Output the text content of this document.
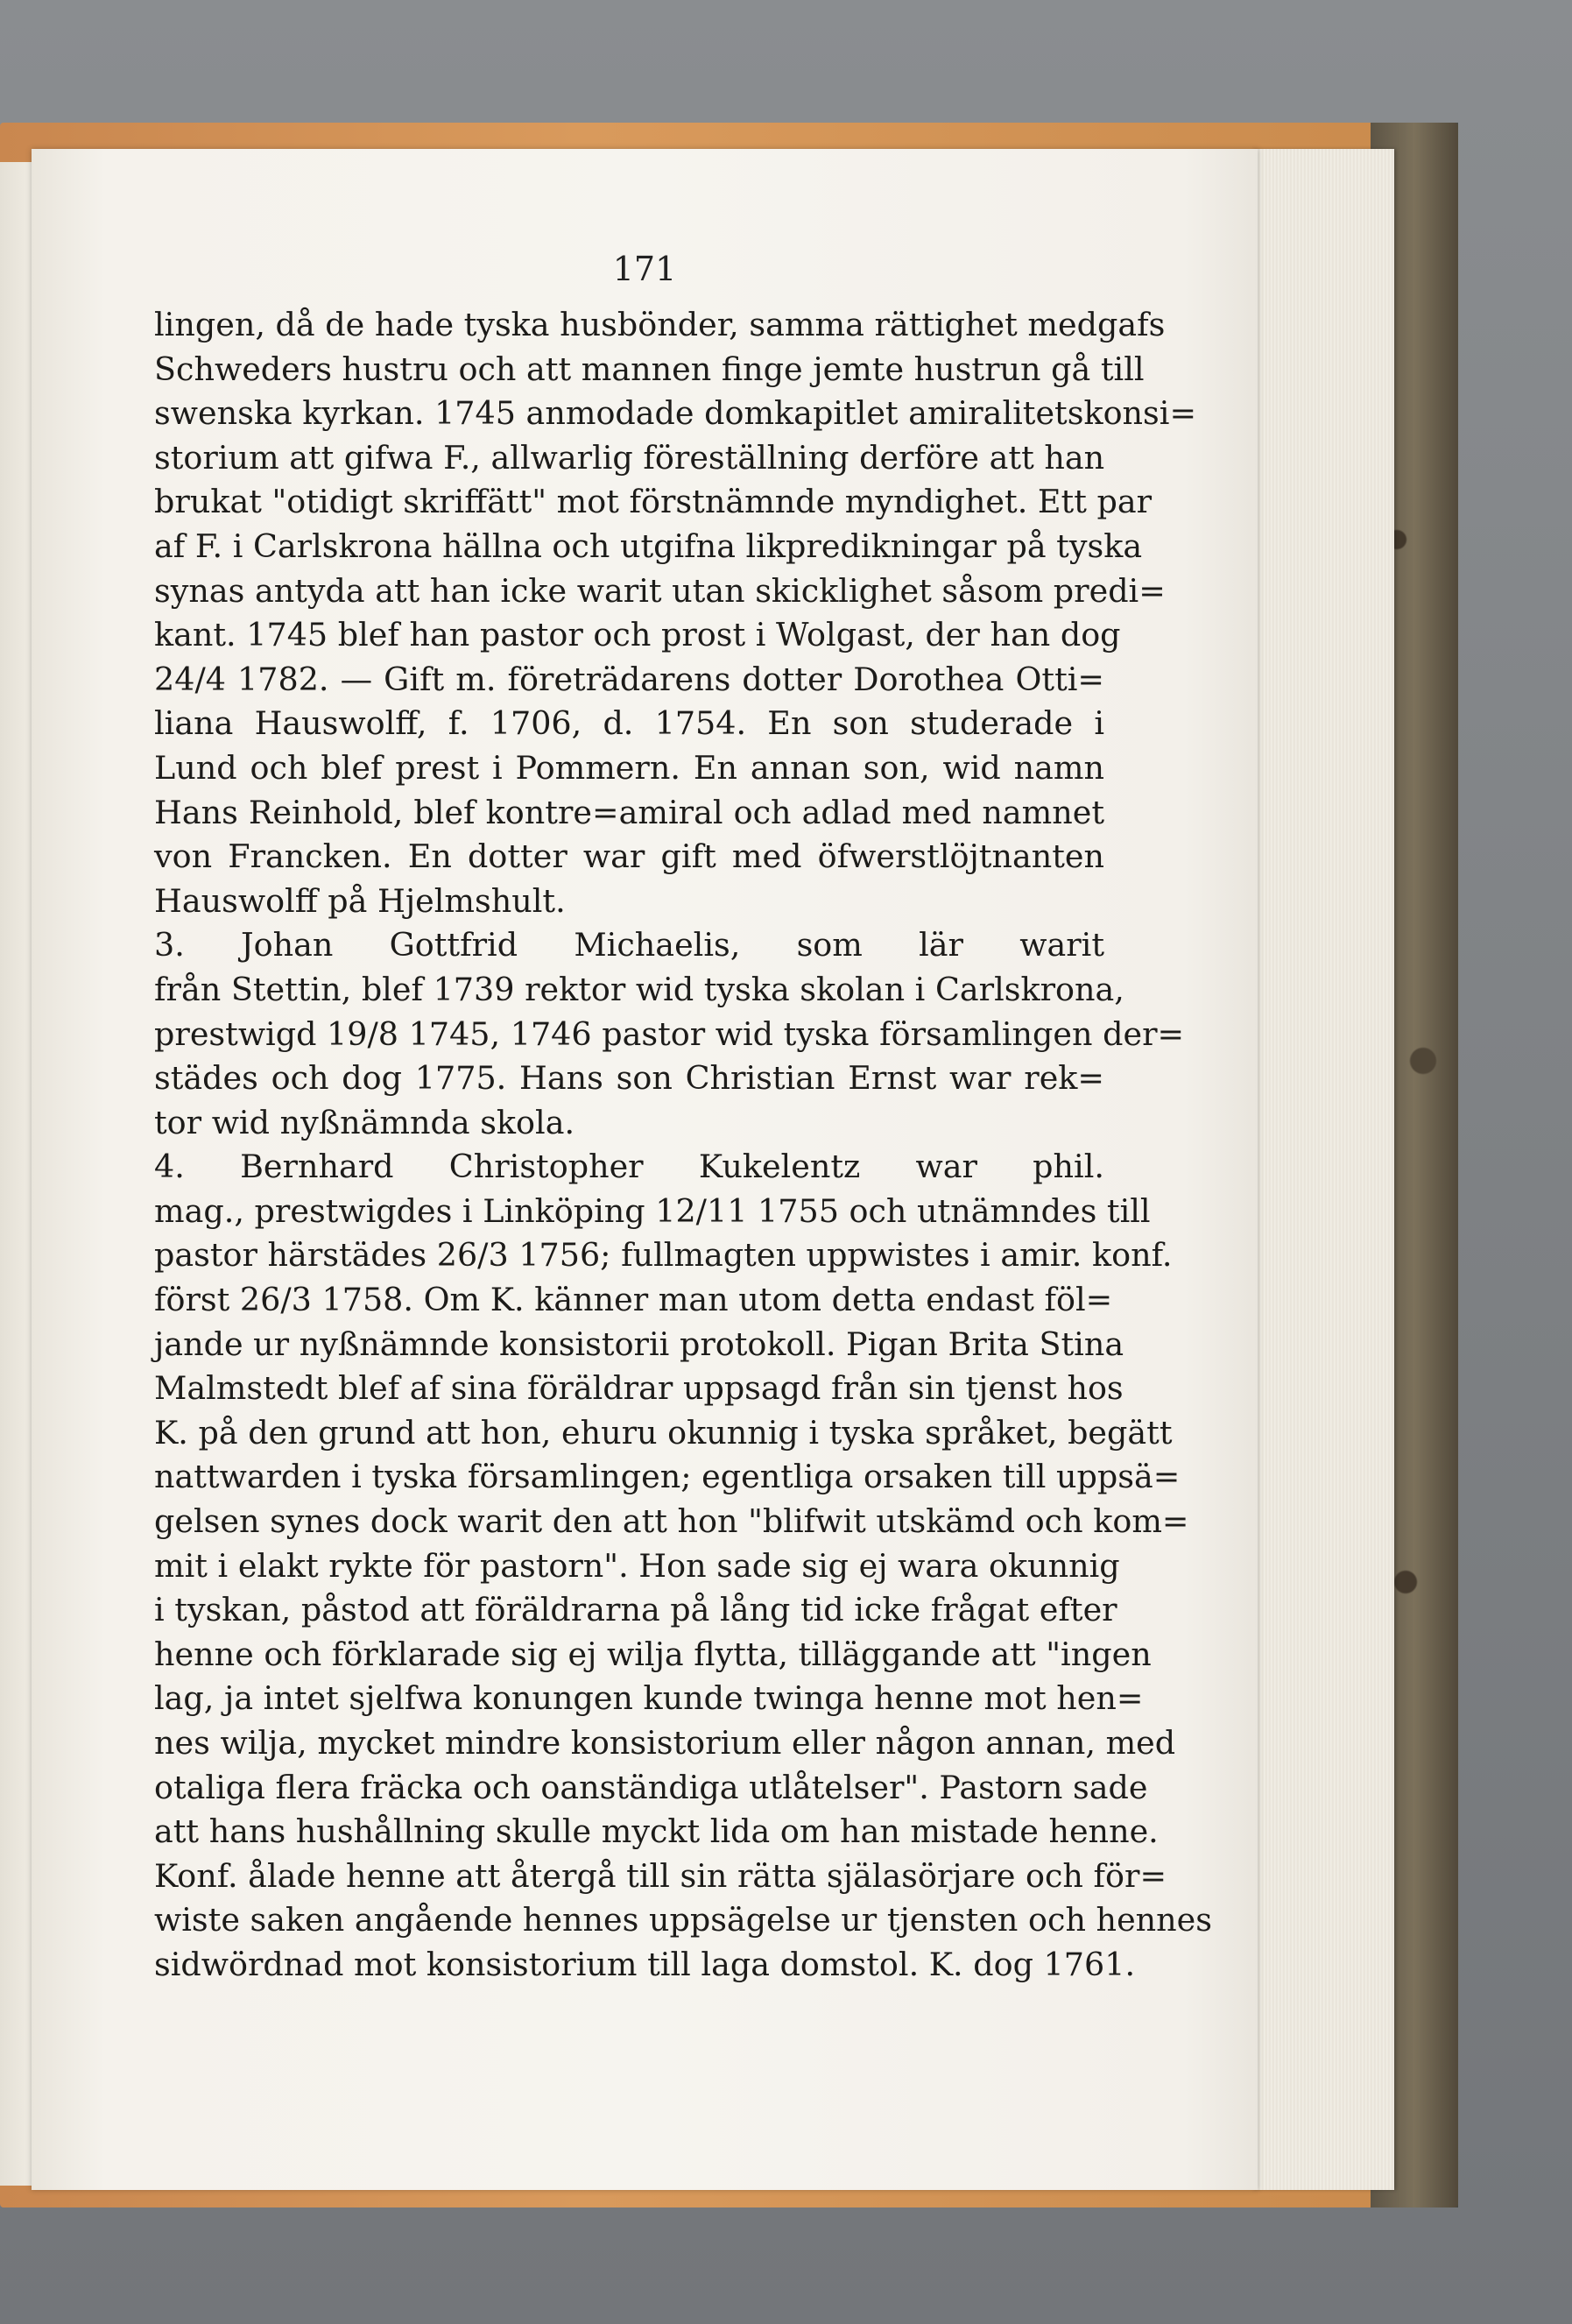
171
lingen, då de hade tyska husbönder, samma rättighet medgafs
Schweders hustru och att mannen finge jemte hustrun gå till
swenska kyrkan. 1745 anmodade domkapitlet amiralitetskonsi=
storium att gifwa F., allwarlig föreställning derföre att han
brukat "otidigt skriffätt" mot förstnämnde myndighet. Ett par
af F. i Carlskrona hällna och utgifna likpredikningar på tyska
synas antyda att han icke warit utan skicklighet såsom predi=
kant. 1745 blef han pastor och prost i Wolgast, der han dog
24/4 1782. — Gift m. företrädarens dotter Dorothea Otti=
liana Hauswolff, f. 1706, d. 1754. En son studerade i
Lund och blef prest i Pommern. En annan son, wid namn
Hans Reinhold, blef kontre=amiral och adlad med namnet
von Francken. En dotter war gift med öfwerstlöjtnanten
Hauswolff på Hjelmshult.
3. Johan Gottfrid Michaelis, som lär warit
från Stettin, blef 1739 rektor wid tyska skolan i Carlskrona,
prestwigd 19/8 1745, 1746 pastor wid tyska församlingen der=
städes och dog 1775. Hans son Christian Ernst war rek=
tor wid nyßnämnda skola.
4. Bernhard Christopher Kukelentz war phil.
mag., prestwigdes i Linköping 12/11 1755 och utnämndes till
pastor härstädes 26/3 1756; fullmagten uppwistes i amir. konf.
först 26/3 1758. Om K. känner man utom detta endast föl=
jande ur nyßnämnde konsistorii protokoll. Pigan Brita Stina
Malmstedt blef af sina föräldrar uppsagd från sin tjenst hos
K. på den grund att hon, ehuru okunnig i tyska språket, begätt
nattwarden i tyska församlingen; egentliga orsaken till uppsä=
gelsen synes dock warit den att hon "blifwit utskämd och kom=
mit i elakt rykte för pastorn". Hon sade sig ej wara okunnig
i tyskan, påstod att föräldrarna på lång tid icke frågat efter
henne och förklarade sig ej wilja flytta, tilläggande att "ingen
lag, ja intet sjelfwa konungen kunde twinga henne mot hen=
nes wilja, mycket mindre konsistorium eller någon annan, med
otaliga flera fräcka och oanständiga utlåtelser". Pastorn sade
att hans hushållning skulle myckt lida om han mistade henne.
Konf. ålade henne att återgå till sin rätta själasörjare och för=
wiste saken angående hennes uppsägelse ur tjensten och hennes
sidwördnad mot konsistorium till laga domstol. K. dog 1761.
